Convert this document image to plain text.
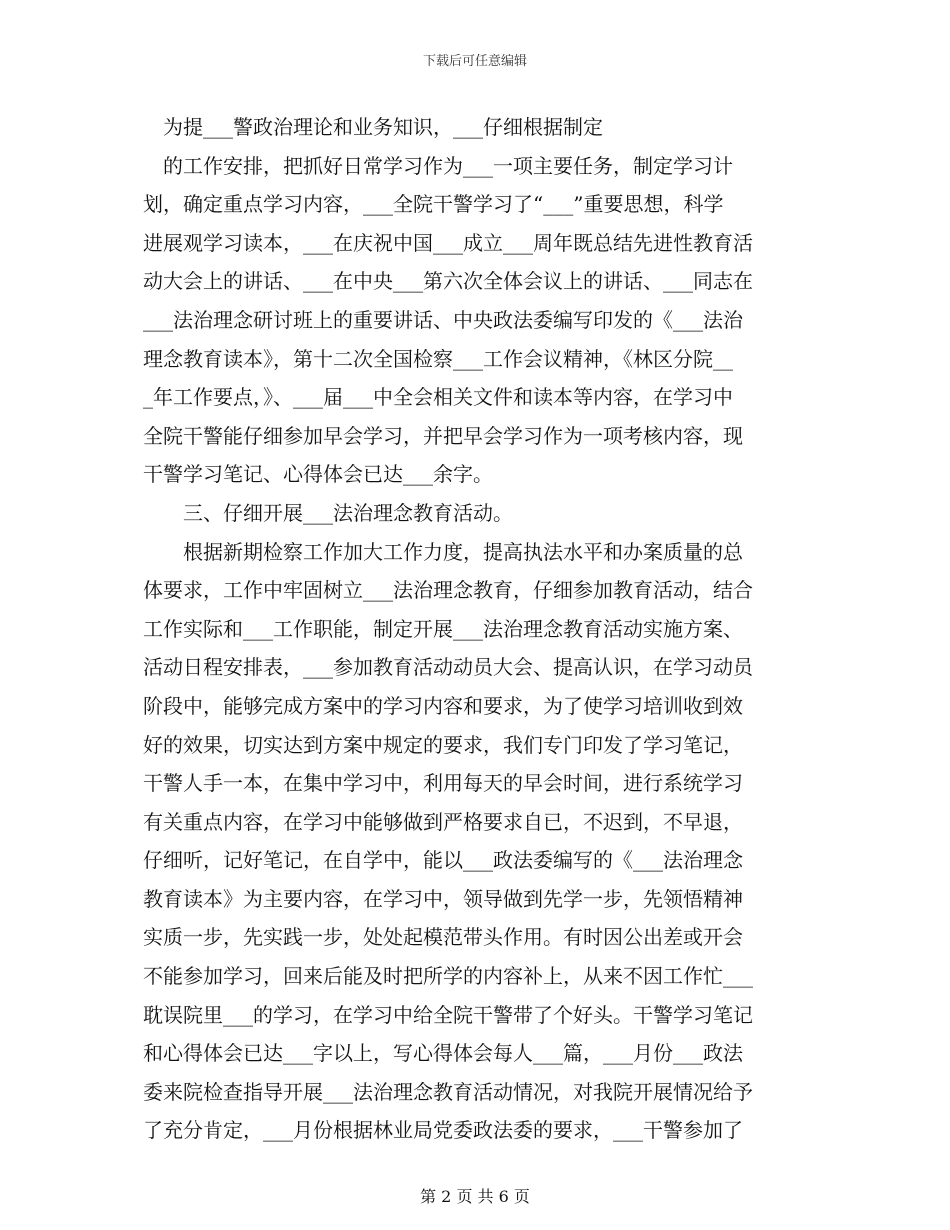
下载后可任意编辑

　为提___警政治理论和业务知识，___仔细根据制定

　的工作安排，把抓好日常学习作为___一项主要任务，制定学习计

划，确定重点学习内容，___全院干警学习了“___”重要思想，科学

进展观学习读本，___在庆祝中国___成立___周年既总结先进性教育活

动大会上的讲话、___在中央___第六次全体会议上的讲话、___同志在

___法治理念研讨班上的重要讲话、中央政法委编写印发的《___法治

理念教育读本》，第十二次全国检察___工作会议精神，《林区分院__

_年工作要点，》、___届___中全会相关文件和读本等内容，在学习中

全院干警能仔细参加早会学习，并把早会学习作为一项考核内容，现

干警学习笔记、心得体会已达___余字。

　　三、仔细开展___法治理念教育活动。

　　根据新期检察工作加大工作力度，提高执法水平和办案质量的总

体要求，工作中牢固树立___法治理念教育，仔细参加教育活动，结合

工作实际和___工作职能，制定开展___法治理念教育活动实施方案、

活动日程安排表，___参加教育活动动员大会、提高认识，在学习动员

阶段中，能够完成方案中的学习内容和要求，为了使学习培训收到效

好的效果，切实达到方案中规定的要求，我们专门印发了学习笔记，

干警人手一本，在集中学习中，利用每天的早会时间，进行系统学习

有关重点内容，在学习中能够做到严格要求自已，不迟到，不早退，

仔细听，记好笔记，在自学中，能以___政法委编写的《___法治理念

教育读本》为主要内容，在学习中，领导做到先学一步，先领悟精神

实质一步，先实践一步，处处起模范带头作用。有时因公出差或开会

不能参加学习，回来后能及时把所学的内容补上，从来不因工作忙___

耽误院里___的学习，在学习中给全院干警带了个好头。干警学习笔记

和心得体会已达___字以上，写心得体会每人___篇，___月份___政法

委来院检查指导开展___法治理念教育活动情况，对我院开展情况给予

了充分肯定，___月份根据林业局党委政法委的要求，___干警参加了

第 2 页 共 6 页
